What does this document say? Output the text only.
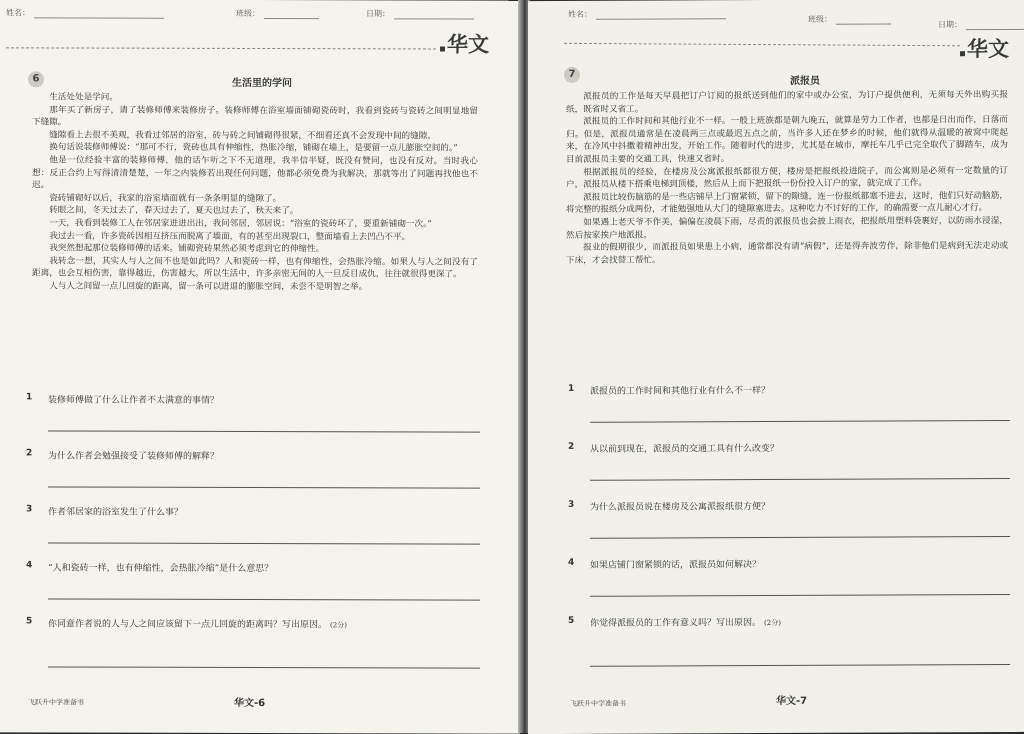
姓名：	班级：	日期：
华文
6	生活里的学问

生活处处是学问。

那年买了新房子，请了装修师傅来装修房子。装修师傅在浴室墙面铺砌瓷砖时，我看到瓷砖与瓷砖之间明显地留下缝隙。

缝隙看上去很不美观，我看过邻居的浴室，砖与砖之间铺砌得很紧，不细看还真不会发现中间的缝隙。

换句话说装修师傅说：“那可不行，瓷砖也具有伸缩性，热胀冷缩，铺砌在墙上，是要留一点儿膨胀空间的。”

他是一位经验丰富的装修师傅，他的话乍听之下不无道理，我半信半疑，既没有赞同，也没有反对。当时我心想：反正合约上写得清清楚楚，一年之内装修若出现任何问题，他都必须免费为我解决，那就等出了问题再找他也不迟。

瓷砖铺砌好以后，我家的浴室墙面就有一条条明显的缝隙了。

转眼之间，冬天过去了，春天过去了，夏天也过去了，秋天来了。

一天，我看到装修工人在邻居家进进出出，我问邻居，邻居说：“浴室的瓷砖坏了，要重新铺砌一次。”

我过去一看，许多瓷砖因相互挤压而脱离了墙面，有的甚至出现裂口，整面墙看上去凹凸不平。

我突然想起那位装修师傅的话来。铺砌瓷砖果然必须考虑到它的伸缩性。

我转念一想，其实人与人之间不也是如此吗？人和瓷砖一样，也有伸缩性，会热胀冷缩。如果人与人之间没有了距离，也会互相伤害，靠得越近，伤害越大。所以生活中，许多亲密无间的人一旦反目成仇，往往就很得更深了。

人与人之间留一点儿回旋的距离，留一条可以进退的膨胀空间，未尝不是明智之举。

1 装修师傅做了什么让作者不太满意的事情？
2 为什么作者会勉强接受了装修师傅的解释？
3 作者邻居家的浴室发生了什么事？
4 “人和瓷砖一样，也有伸缩性，会热胀冷缩”是什么意思？
5 你同意作者说的人与人之间应该留下一点儿回旋的距离吗？写出原因。 (2分)
飞跃升中学准备书	华文-6
姓名：
班级：
日期：
华文
7
派报员

派报员的工作是每天早晨把订户订阅的报纸送到他们的家中或办公室，为订户提供便利，无须每天外出购买报纸，既省时又省工。

派报员的工作时间和其他行业不一样。一般上班族都是朝九晚五，就算是劳力工作者，也都是日出而作，日落而归。但是，派报员通常是在凌晨两三点或最迟五点之前，当许多人还在梦乡的时候，他们就得从温暖的被窝中爬起来，在冷风中抖擞着精神出发，开始工作。随着时代的进步，尤其是在城市，摩托车几乎已完全取代了脚踏车，成为目前派报员主要的交通工具，快速又省时。

根据派报员的经验，在楼房及公寓派报纸都很方便，楼房是把报纸投进院子，而公寓则是必须有一定数量的订户，派报员从楼下搭乘电梯到顶楼，然后从上而下把报纸一份份投入订户的家，就完成了工作。

派报员比较伤脑筋的是一些店铺早上门窗紧锁，留下的隙缝，连一份报纸都塞不进去，这时，他们只好动脑筋，将完整的报纸分成两份，才能勉强地从大门的缝隙塞进去。这种吃力不讨好的工作，的确需要一点儿耐心才行。

如果遇上老天爷不作美，偏偏在凌晨下雨，尽责的派报员也会披上雨衣，把报纸用塑料袋裹好，以防雨水浸湿，然后按家挨户地派报。

报业的假期很少，而派报员如果患上小病，通常都没有请“病假”，还是得奔波劳作，除非他们是病到无法走动或下床，才会找替工帮忙。

1 派报员的工作时间和其他行业有什么不一样？
2 从以前到现在，派报员的交通工具有什么改变？
3 为什么派报员说在楼房及公寓派报纸很方便？
4 如果店铺门窗紧锁的话，派报员如何解决？
5 你觉得派报员的工作有意义吗？写出原因。 (2分)
飞跃升中学准备书	华文-7
